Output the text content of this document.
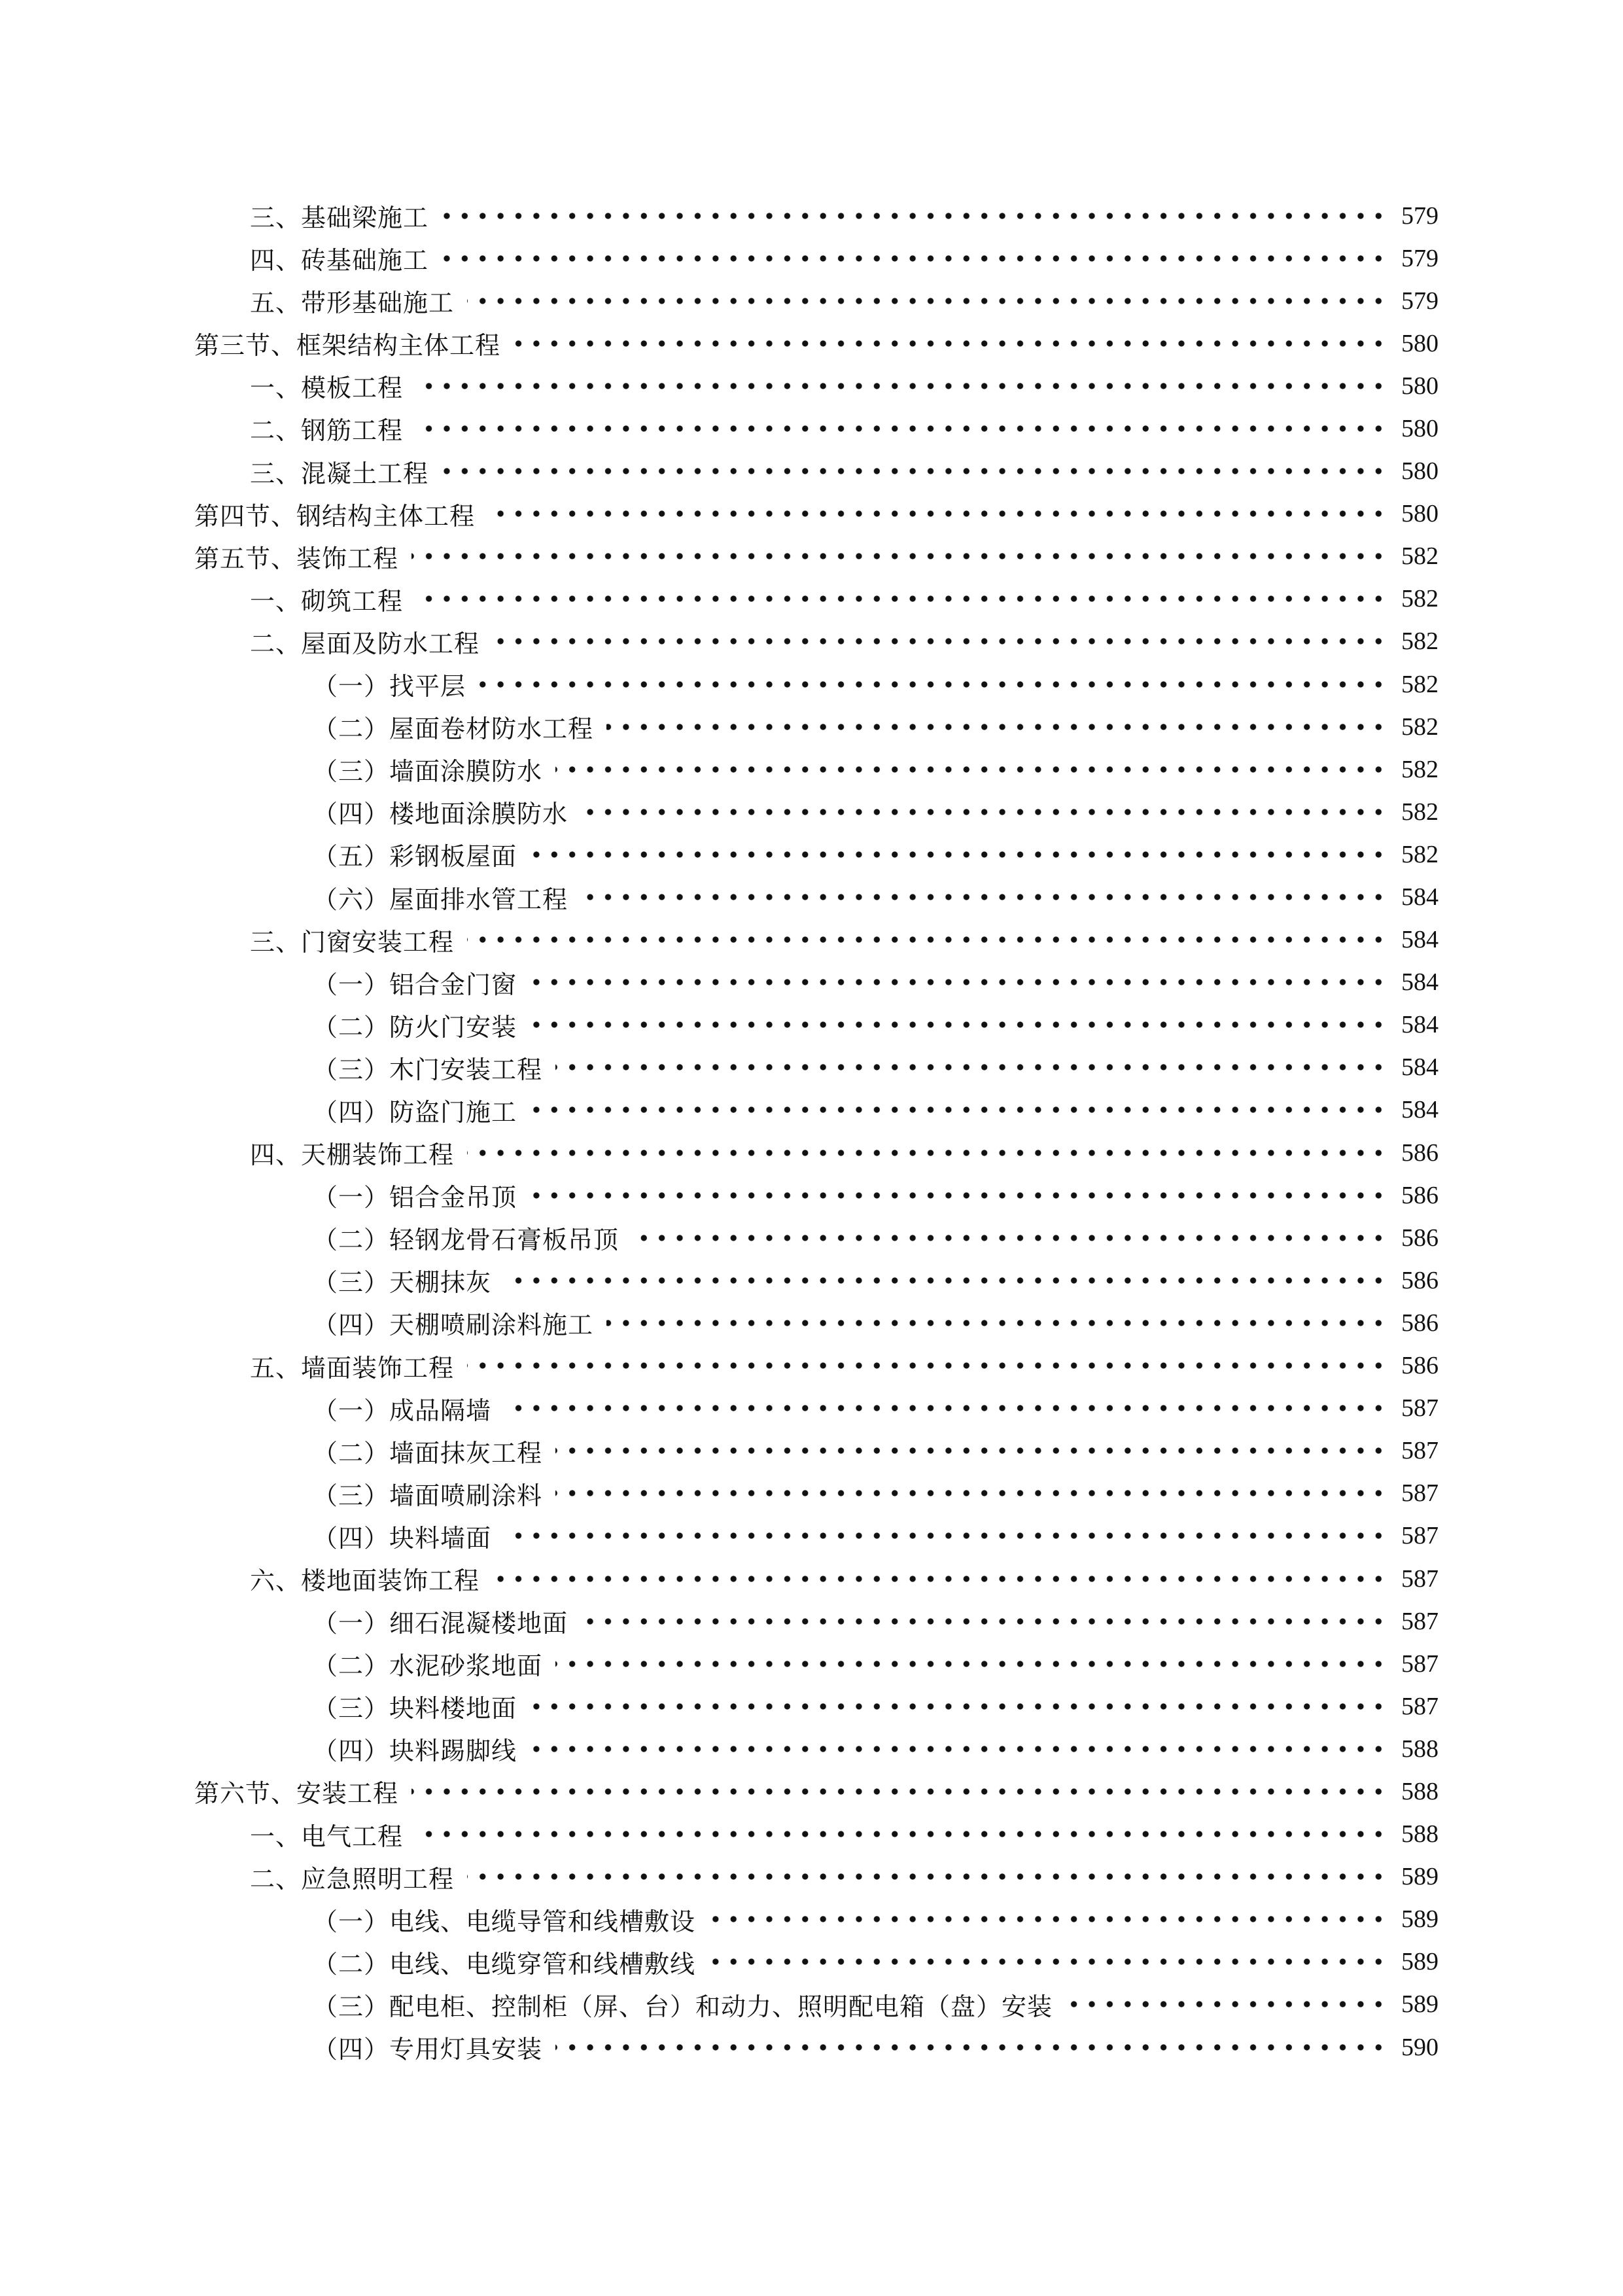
三、基础梁施工	579
四、砖基础施工	579
五、带形基础施工	579
第三节、框架结构主体工程	580
一、模板工程	580
二、钢筋工程	580
三、混凝土工程	580
第四节、钢结构主体工程	580
第五节、装饰工程	582
一、砌筑工程	582
二、屋面及防水工程	582
（一）找平层	582
（二）屋面卷材防水工程	582
（三）墙面涂膜防水	582
（四）楼地面涂膜防水	582
（五）彩钢板屋面	582
（六）屋面排水管工程	584
三、门窗安装工程	584
（一）铝合金门窗	584
（二）防火门安装	584
（三）木门安装工程	584
（四）防盗门施工	584
四、天棚装饰工程	586
（一）铝合金吊顶	586
（二）轻钢龙骨石膏板吊顶	586
（三）天棚抹灰	586
（四）天棚喷刷涂料施工	586
五、墙面装饰工程	586
（一）成品隔墙	587
（二）墙面抹灰工程	587
（三）墙面喷刷涂料	587
（四）块料墙面	587
六、楼地面装饰工程	587
（一）细石混凝楼地面	587
（二）水泥砂浆地面	587
（三）块料楼地面	587
（四）块料踢脚线	588
第六节、安装工程	588
一、电气工程	588
二、应急照明工程	589
（一）电线、电缆导管和线槽敷设	589
（二）电线、电缆穿管和线槽敷线	589
（三）配电柜、控制柜（屏、台）和动力、照明配电箱（盘）安装	589
（四）专用灯具安装	590
